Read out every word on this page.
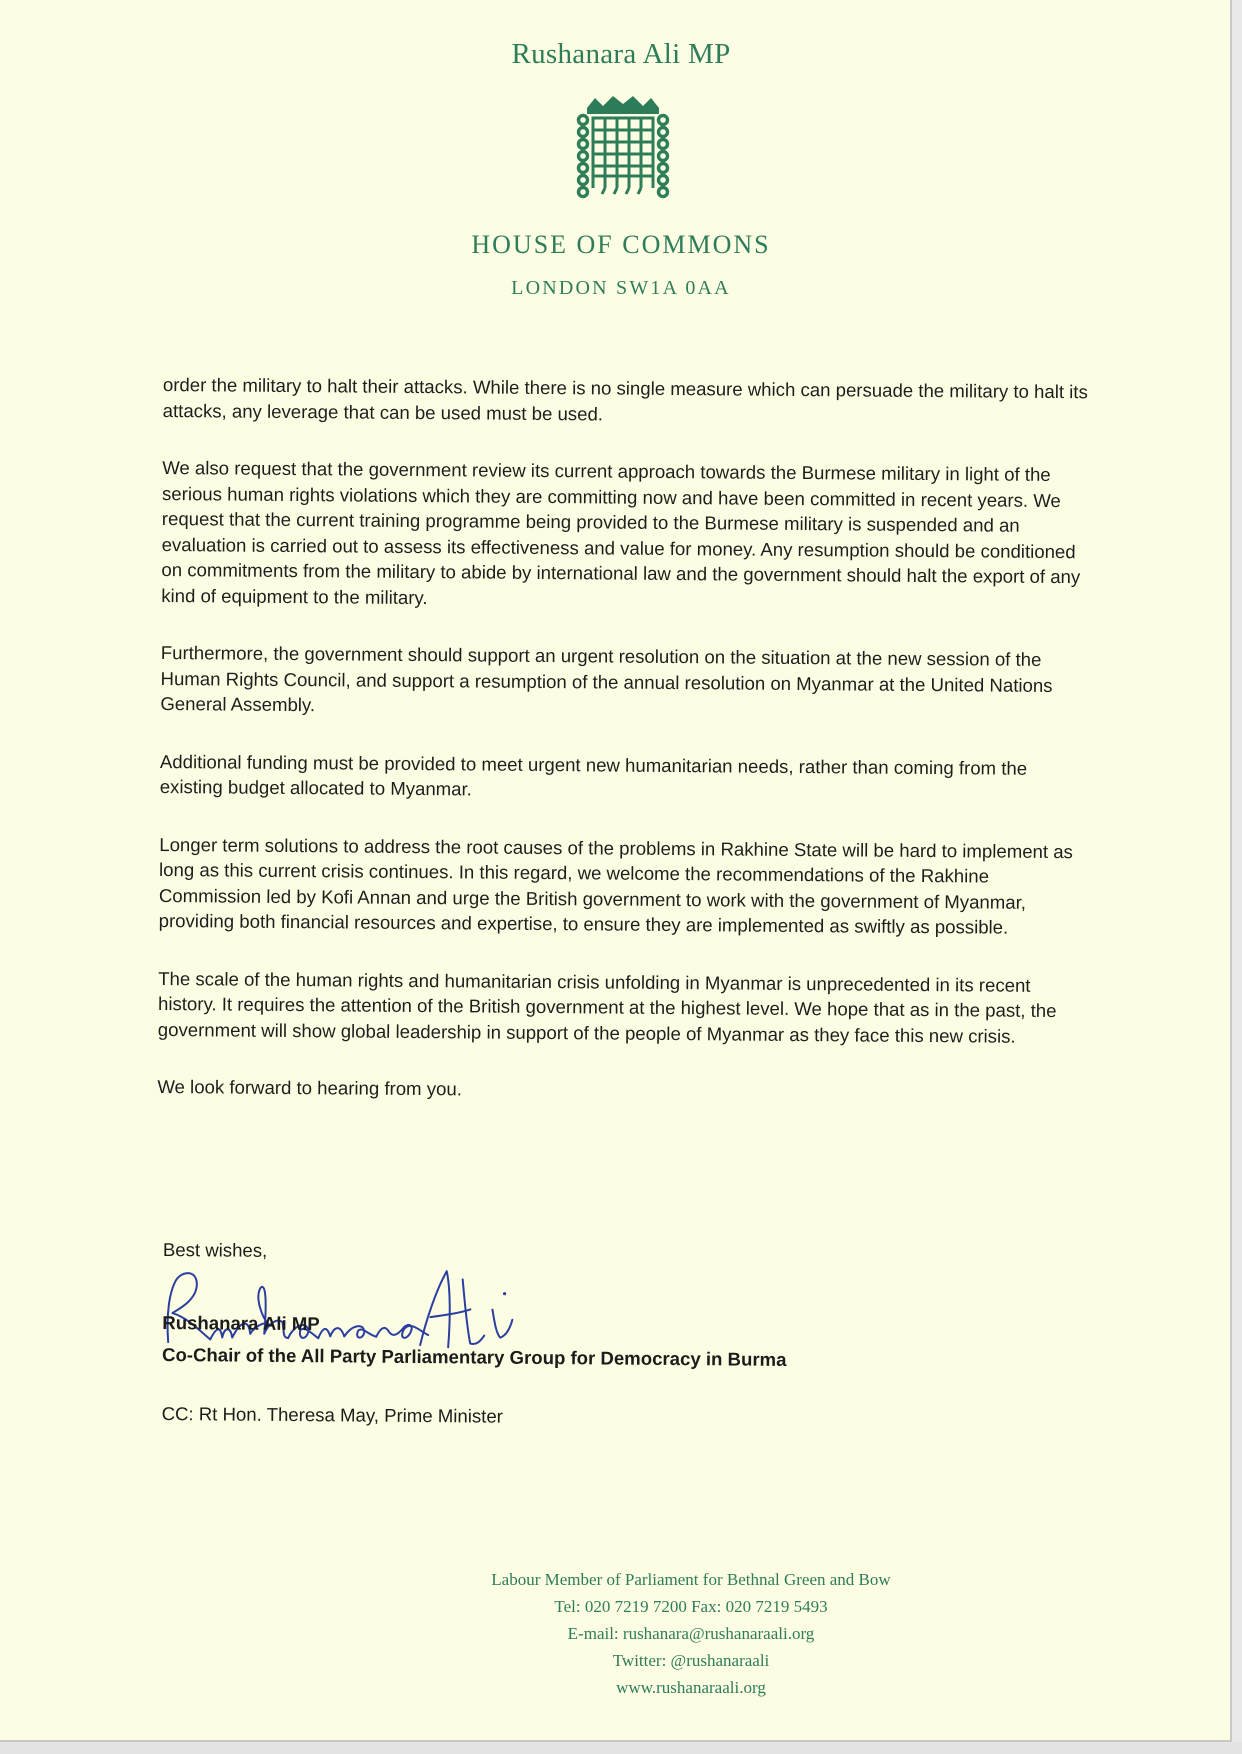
Rushanara Ali MP
HOUSE OF COMMONS
LONDON SW1A 0AA

order the military to halt their attacks. While there is no single measure which can persuade the military to halt its attacks, any leverage that can be used must be used.

We also request that the government review its current approach towards the Burmese military in light of the serious human rights violations which they are committing now and have been committed in recent years. We request that the current training programme being provided to the Burmese military is suspended and an evaluation is carried out to assess its effectiveness and value for money. Any resumption should be conditioned on commitments from the military to abide by international law and the government should halt the export of any kind of equipment to the military.

Furthermore, the government should support an urgent resolution on the situation at the new session of the Human Rights Council, and support a resumption of the annual resolution on Myanmar at the United Nations General Assembly.

Additional funding must be provided to meet urgent new humanitarian needs, rather than coming from the existing budget allocated to Myanmar.

Longer term solutions to address the root causes of the problems in Rakhine State will be hard to implement as long as this current crisis continues. In this regard, we welcome the recommendations of the Rakhine Commission led by Kofi Annan and urge the British government to work with the government of Myanmar, providing both financial resources and expertise, to ensure they are implemented as swiftly as possible.

The scale of the human rights and humanitarian crisis unfolding in Myanmar is unprecedented in its recent history. It requires the attention of the British government at the highest level. We hope that as in the past, the government will show global leadership in support of the people of Myanmar as they face this new crisis.

We look forward to hearing from you.

Best wishes,
Rushanara Ali MP
Co-Chair of the All Party Parliamentary Group for Democracy in Burma
CC: Rt Hon. Theresa May, Prime Minister
Labour Member of Parliament for Bethnal Green and Bow
Tel: 020 7219 7200 Fax: 020 7219 5493
E-mail: rushanara@rushanaraali.org
Twitter: @rushanaraali
www.rushanaraali.org
